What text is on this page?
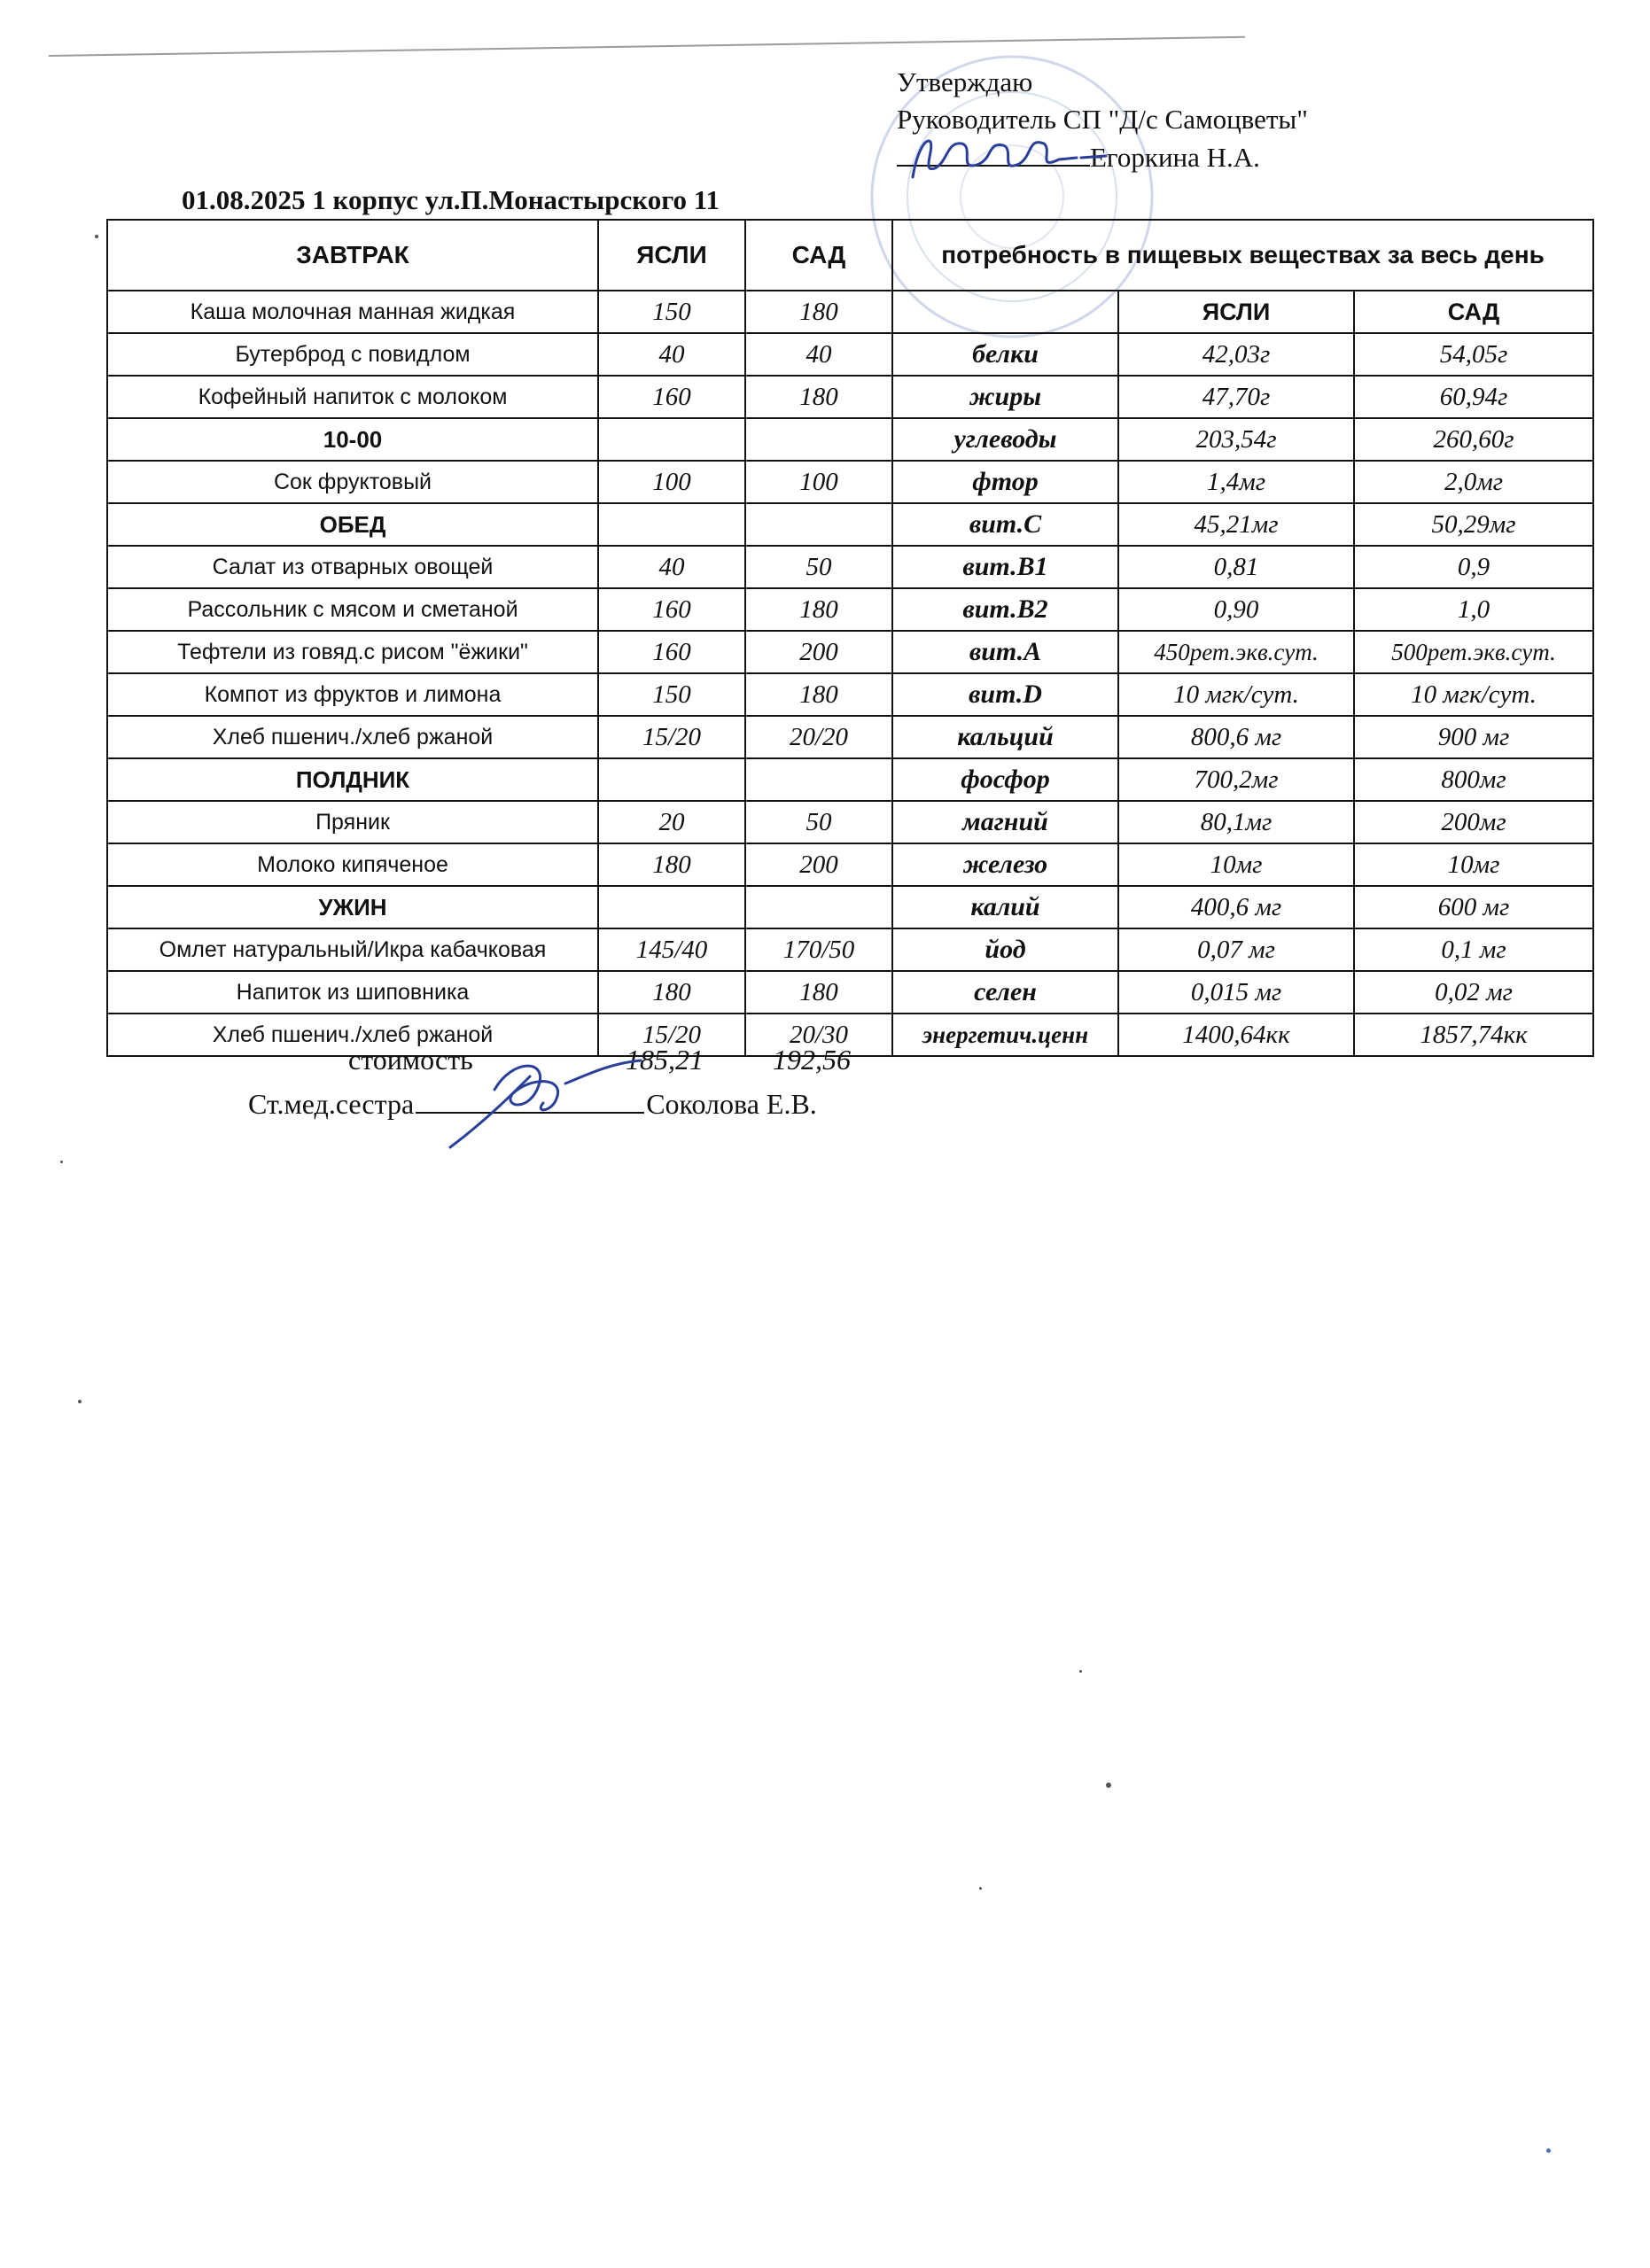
Утверждаю
Руководитель СП "Д/с Самоцветы"
Егоркина Н.А.
01.08.2025 1 корпус ул.П.Монастырского 11
ЗАВТРАК	ЯСЛИ	САД	потребность в пищевых веществах за весь день		
Каша молочная манная жидкая	150	180		ЯСЛИ	САД
Бутерброд с повидлом	40	40	белки	42,03г	54,05г
Кофейный напиток с молоком	160	180	жиры	47,70г	60,94г
10-00			углеводы	203,54г	260,60г
Сок фруктовый	100	100	фтор	1,4мг	2,0мг
ОБЕД			вит.С	45,21мг	50,29мг
Салат из отварных овощей	40	50	вит.B1	0,81	0,9
Рассольник с мясом и сметаной	160	180	вит.B2	0,90	1,0
Тефтели из говяд.с рисом "ёжики"	160	200	вит.А	450рет.экв.сут.	500рет.экв.сут.
Компот из фруктов и лимона	150	180	вит.D	10 мгк/сут.	10 мгк/сут.
Хлеб пшенич./хлеб ржаной	15/20	20/20	кальций	800,6 мг	900 мг
ПОЛДНИК			фосфор	700,2мг	800мг
Пряник	20	50	магний	80,1мг	200мг
Молоко кипяченое	180	200	железо	10мг	10мг
УЖИН			калий	400,6 мг	600 мг
Омлет натуральный/Икра кабачковая	145/40	170/50	йод	0,07 мг	0,1 мг
Напиток из шиповника	180	180	селен	0,015 мг	0,02 мг
Хлеб пшенич./хлеб ржаной	15/20	20/30	энергетич.ценн	1400,64кк	1857,74кк
стоимость	185,21 192,56
Ст.мед.сестра	Соколова Е.В.
